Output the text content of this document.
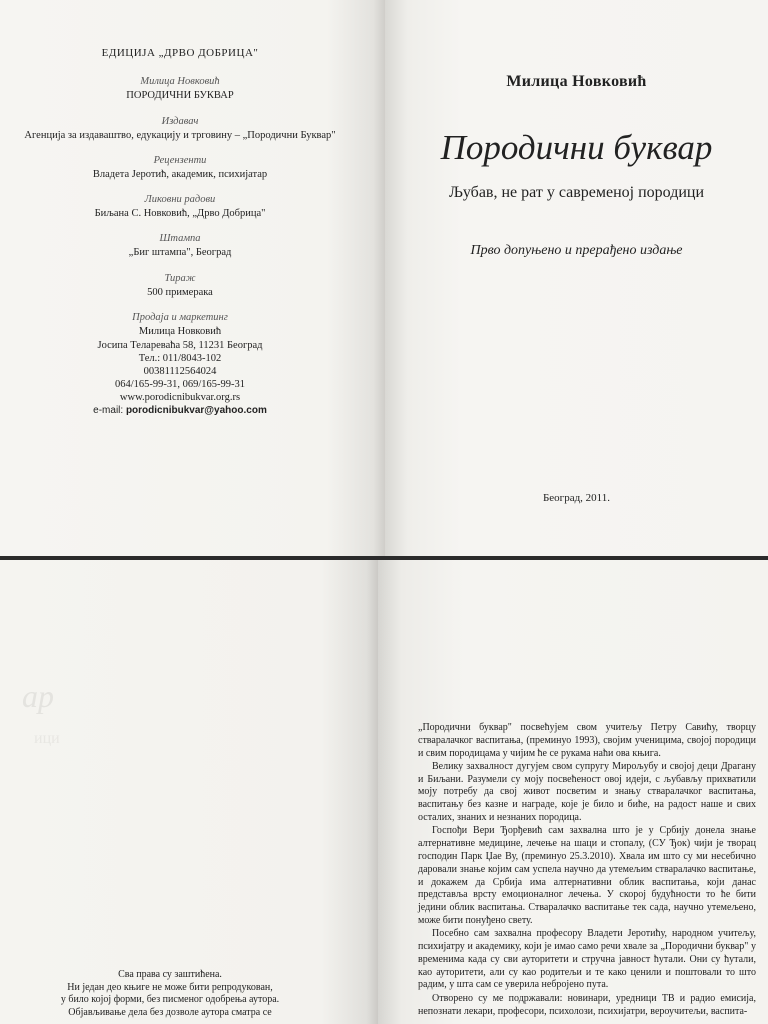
ЕДИЦИЈА „ДРВО ДОБРИЦА"
Милица Новковић
ПОРОДИЧНИ БУКВАР
Издавач
Агенција за издаваштво, едукацију и трговину – „Породични Буквар"
Рецензенти
Владета Јеротић, академик, психијатар
Ликовни радови
Биљана С. Новковић, „Дрво Добрица"
Штампа
„Биг штампа", Београд
Тираж
500 примерака
Продаја и маркетинг
Милица Новковић
Јосипа Телареваћа 58, 11231 Београд
Тел.: 011/8043-102
00381112564024
064/165-99-31, 069/165-99-31
www.porodicnibukvar.org.rs
e-mail: porodicnibukvar@yahoo.com
Милица Новковић
Породични буквар
Љубав, не рат у савременој породици
Прво допуњено и прерађено издање
Београд, 2011.
ар
ици
Сва права су заштићена.
Ни један део књиге не може бити репродукован,
у било којој форми, без писменог одобрења аутора.
Објављивање дела без дозволе аутора сматра се

„Породични буквар" посвећујем свом учитељу Петру Савићу, творцу стваралачког васпитања, (преминуо 1993), својим ученицима, својој породици и свим породицама у чијим ће се рукама наћи ова књига.

Велику захвалност дугујем свом супругу Мирољубу и својој деци Драгану и Биљани. Разумели су моју посвећеност овој идеји, с љубављу прихватили моју потребу да свој живот посветим и знању стваралачког васпитања, васпитању без казне и награде, које је било и биће, на радост наше и свих осталих, знаних и незнаних породица.

Госпођи Вери Ђорђевић сам захвална што је у Србију донела знање алтернативне медицине, лечење на шаци и стопалу, (СУ Ђок) чији је творац господин Парк Џае Ву, (преминуо 25.3.2010). Хвала им што су ми несебично даровали знање којим сам успела научно да утемељим стваралачко васпитање, и докажем да Србија има алтернативни облик васпитања, који данас представља врсту емоционалног лечења. У скорој будућности то ће бити једини облик васпитања. Стваралачко васпитање тек сада, научно утемељено, може бити понуђено свету.

Посебно сам захвална професору Владети Јеротићу, народном учитељу, психијатру и академику, који је имао само речи хвале за „Породични буквар" у временима када су сви ауторитети и стручна јавност ћутали. Они су ћутали, као ауторитети, али су као родитељи и те како ценили и поштовали то што радим, у шта сам се уверила небројено пута.

Отворено су ме подржавали: новинари, уредници ТВ и радио емисија, непознати лекари, професори, психолози, психијатри, вероучитељи, васпита-
